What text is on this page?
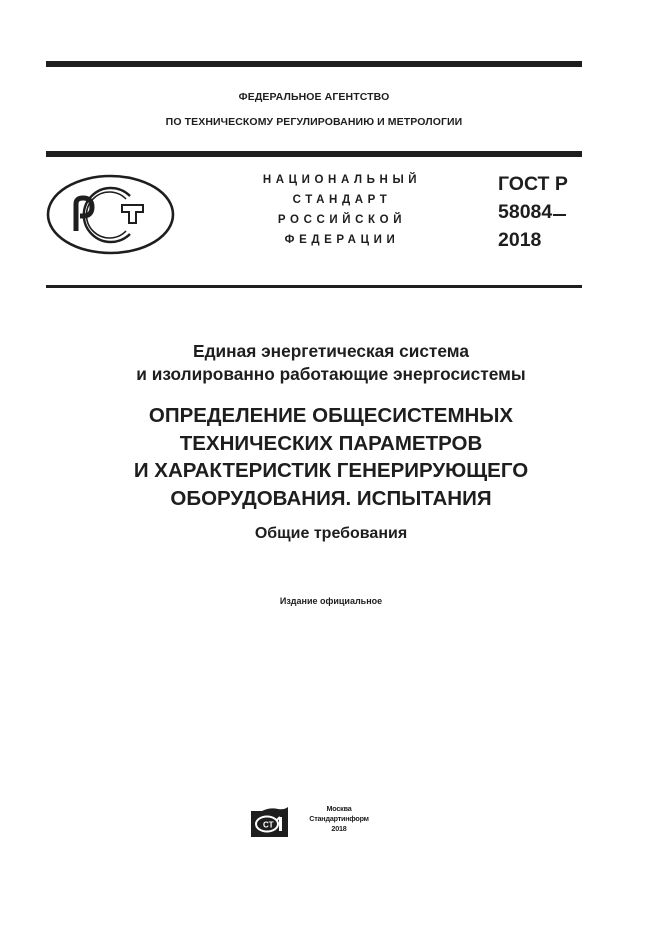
ФЕДЕРАЛЬНОЕ АГЕНТСТВО
ПО ТЕХНИЧЕСКОМУ РЕГУЛИРОВАНИЮ И МЕТРОЛОГИИ
НАЦИОНАЛЬНЫЙ
СТАНДАРТ
РОССИЙСКОЙ
ФЕДЕРАЦИИ
ГОСТ Р
58084
2018
Единая энергетическая система
и изолированно работающие энергосистемы
ОПРЕДЕЛЕНИЕ ОБЩЕСИСТЕМНЫХ
ТЕХНИЧЕСКИХ ПАРАМЕТРОВ
И ХАРАКТЕРИСТИК ГЕНЕРИРУЮЩЕГО
ОБОРУДОВАНИЯ. ИСПЫТАНИЯ
Общие требования
Издание официальное
СТ
Москва
Стандартинформ
2018
